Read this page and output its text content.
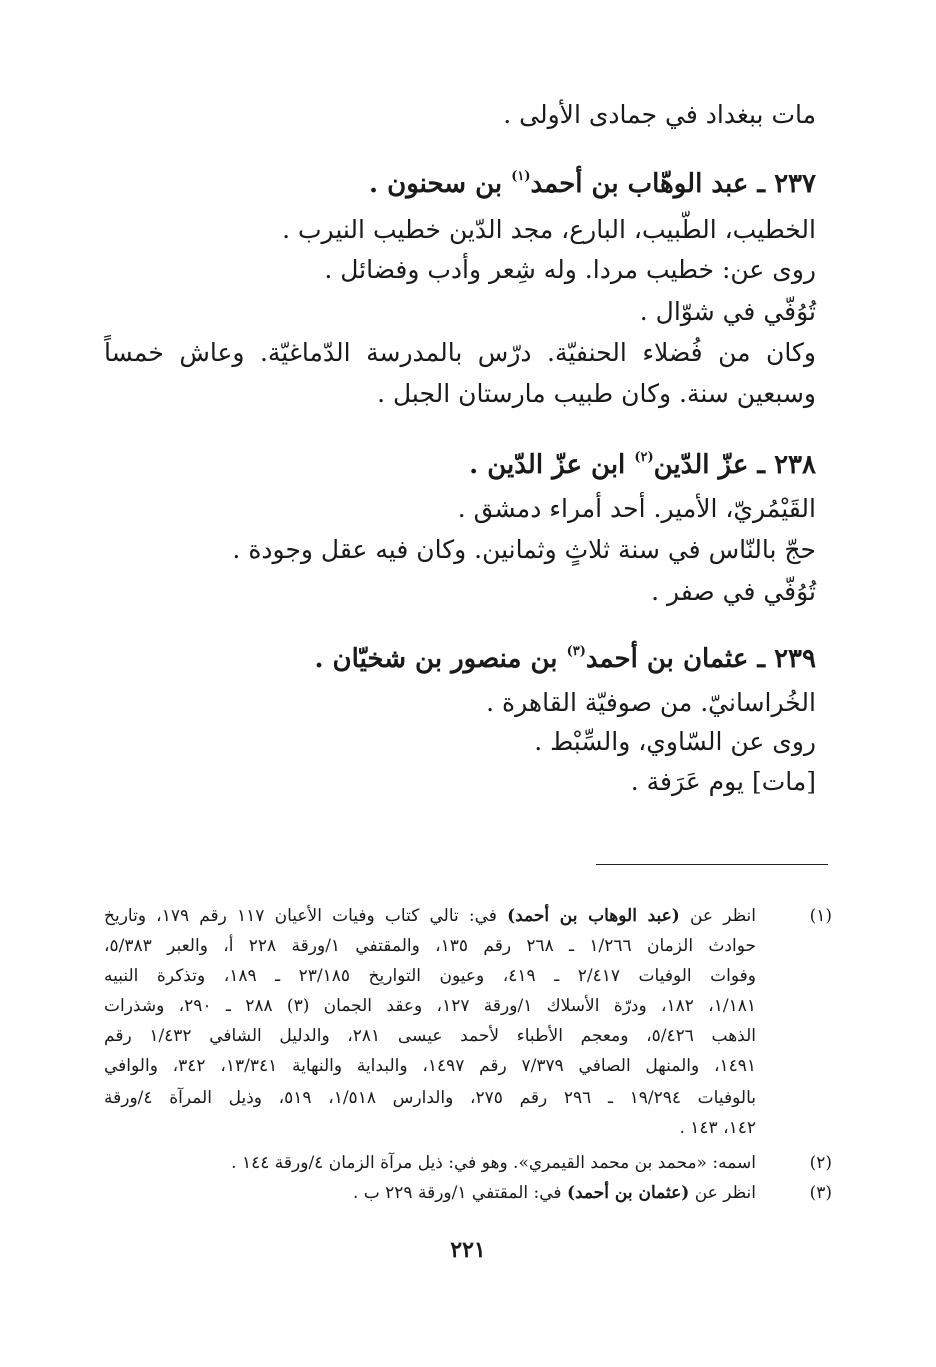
مات ببغداد في جمادى الأولى .
٢٣٧ ـ عبد الوهّاب بن أحمد$^{(١)}$ بن سحنون .
الخطيب، الطّبيب، البارع، مجد الدّين خطيب النيرب .
روى عن: خطيب مردا. وله شِعر وأدب وفضائل .
تُوُفّي في شوّال .
وكان من فُضلاء الحنفيّة. درّس بالمدرسة الدّماغيّة. وعاش خمساً
وسبعين سنة. وكان طبيب مارستان الجبل .
٢٣٨ ـ عزّ الدّين$^{(٢)}$ ابن عزّ الدّين .
القَيْمُريّ، الأمير. أحد أمراء دمشق .
حجّ بالنّاس في سنة ثلاثٍ وثمانين. وكان فيه عقل وجودة .
تُوُفّي في صفر .
٢٣٩ ـ عثمان بن أحمد$^{(٣)}$ بن منصور بن شخيّان .
الخُراسانيّ. من صوفيّة القاهرة .
روى عن السّاوي، والسِّبْط .
[مات] يوم عَرَفة .
(١)
انظر عن (عبد الوهاب بن أحمد) في: تالي كتاب وفيات الأعيان ١١٧ رقم ١٧٩، وتاريخ
حوادث الزمان ١/٢٦٦ ـ ٢٦٨ رقم ١٣٥، والمقتفي ١/ورقة ٢٢٨ أ، والعبر ٥/٣٨٣،
وفوات الوفيات ٢/٤١٧ ـ ٤١٩، وعيون التواريخ ٢٣/١٨٥ ـ ١٨٩، وتذكرة النبيه
١/١٨١، ١٨٢، ودرّة الأسلاك ١/ورقة ١٢٧، وعقد الجمان (٣) ٢٨٨ ـ ٢٩٠، وشذرات
الذهب ٥/٤٢٦، ومعجم الأطباء لأحمد عيسى ٢٨١، والدليل الشافي ١/٤٣٢ رقم
١٤٩١، والمنهل الصافي ٧/٣٧٩ رقم ١٤٩٧، والبداية والنهاية ١٣/٣٤١، ٣٤٢، والوافي
بالوفيات ١٩/٢٩٤ ـ ٢٩٦ رقم ٢٧٥، والدارس ١/٥١٨، ٥١٩، وذيل المرآة ٤/ورقة
١٤٢، ١٤٣ .
(٢)
اسمه: «محمد بن محمد القيمري». وهو في: ذيل مرآة الزمان ٤/ورقة ١٤٤ .
(٣)
انظر عن (عثمان بن أحمد) في: المقتفي ١/ورقة ٢٢٩ ب .
٢٢١
